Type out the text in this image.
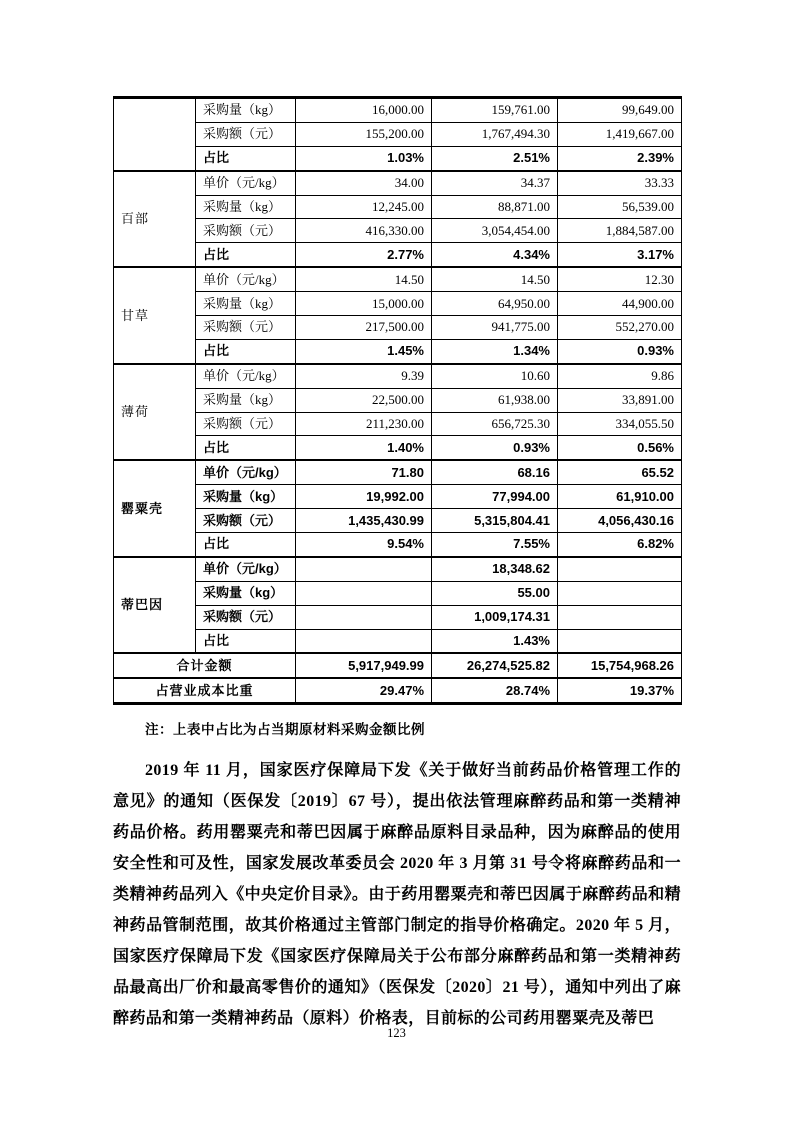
	采购量（kg）	16,000.00	159,761.00	99,649.00
	采购额（元）	155,200.00	1,767,494.30	1,419,667.00
	占比	1.03%	2.51%	2.39%
百部	单价（元/kg）	34.00	34.37	33.33
	采购量（kg）	12,245.00	88,871.00	56,539.00
	采购额（元）	416,330.00	3,054,454.00	1,884,587.00
	占比	2.77%	4.34%	3.17%
甘草	单价（元/kg）	14.50	14.50	12.30
	采购量（kg）	15,000.00	64,950.00	44,900.00
	采购额（元）	217,500.00	941,775.00	552,270.00
	占比	1.45%	1.34%	0.93%
薄荷	单价（元/kg）	9.39	10.60	9.86
	采购量（kg）	22,500.00	61,938.00	33,891.00
	采购额（元）	211,230.00	656,725.30	334,055.50
	占比	1.40%	0.93%	0.56%
罂粟壳	单价（元/kg）	71.80	68.16	65.52
	采购量（kg）	19,992.00	77,994.00	61,910.00
	采购额（元）	1,435,430.99	5,315,804.41	4,056,430.16
	占比	9.54%	7.55%	6.82%
蒂巴因	单价（元/kg）		18,348.62	
	采购量（kg）		55.00	
	采购额（元）		1,009,174.31	
	占比		1.43%	
合计金额		5,917,949.99	26,274,525.82	15,754,968.26
占营业成本比重		29.47%	28.74%	19.37%
注：上表中占比为占当期原材料采购金额比例
2019 年 11 月，国家医疗保障局下发《关于做好当前药品价格管理工作的意见》的通知（医保发〔2019〕67 号），提出依法管理麻醉药品和第一类精神药品价格。药用罂粟壳和蒂巴因属于麻醉品原料目录品种，因为麻醉品的使用安全性和可及性，国家发展改革委员会 2020 年 3 月第 31 号令将麻醉药品和一类精神药品列入《中央定价目录》。由于药用罂粟壳和蒂巴因属于麻醉药品和精神药品管制范围，故其价格通过主管部门制定的指导价格确定。2020 年 5 月，国家医疗保障局下发《国家医疗保障局关于公布部分麻醉药品和第一类精神药品最高出厂价和最高零售价的通知》（医保发〔2020〕21 号），通知中列出了麻醉药品和第一类精神药品（原料）价格表，目前标的公司药用罂粟壳及蒂巴
123
